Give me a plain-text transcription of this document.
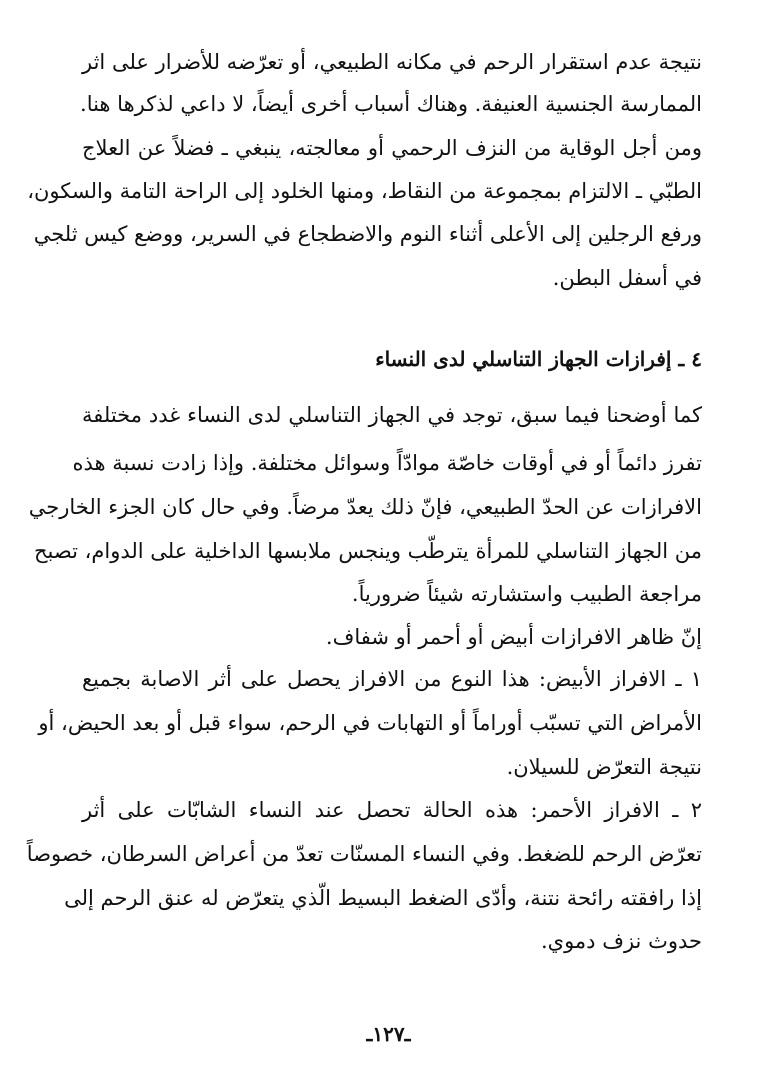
نتيجة عدم استقرار الرحم في مكانه الطبيعي، أو تعرّضه للأضرار على اثر
الممارسة الجنسية العنيفة. وهناك أسباب أخرى أيضاً، لا داعي لذكرها هنا.
ومن أجل الوقاية من النزف الرحمي أو معالجته، ينبغي ـ فضلاً عن العلاج
الطبّي ـ الالتزام بمجموعة من النقاط، ومنها الخلود إلى الراحة التامة والسكون،
ورفع الرجلين إلى الأعلى أثناء النوم والاضطجاع في السرير، ووضع كيس ثلجي
في أسفل البطن.
٤ ـ إفرازات الجهاز التناسلي لدى النساء
كما أوضحنا فيما سبق، توجد في الجهاز التناسلي لدى النساء غدد مختلفة
تفرز دائماً أو في أوقات خاصّة موادّاً وسوائل مختلفة. وإذا زادت نسبة هذه
الافرازات عن الحدّ الطبيعي، فإنّ ذلك يعدّ مرضاً. وفي حال كان الجزء الخارجي
من الجهاز التناسلي للمرأة يترطّب وينجس ملابسها الداخلية على الدوام، تصبح
مراجعة الطبيب واستشارته شيئاً ضرورياً.
إنّ ظاهر الافرازات أبيض أو أحمر أو شفاف.
١ ـ الافراز الأبيض: هذا النوع من الافراز يحصل على أثر الاصابة بجميع
الأمراض التي تسبّب أوراماً أو التهابات في الرحم، سواء قبل أو بعد الحيض، أو
نتيجة التعرّض للسيلان.
٢ ـ الافراز الأحمر: هذه الحالة تحصل عند النساء الشابّات على أثر
تعرّض الرحم للضغط. وفي النساء المسنّات تعدّ من أعراض السرطان، خصوصاً
إذا رافقته رائحة نتنة، وأدّى الضغط البسيط الّذي يتعرّض له عنق الرحم إلى
حدوث نزف دموي.
ـ١٢٧ـ
